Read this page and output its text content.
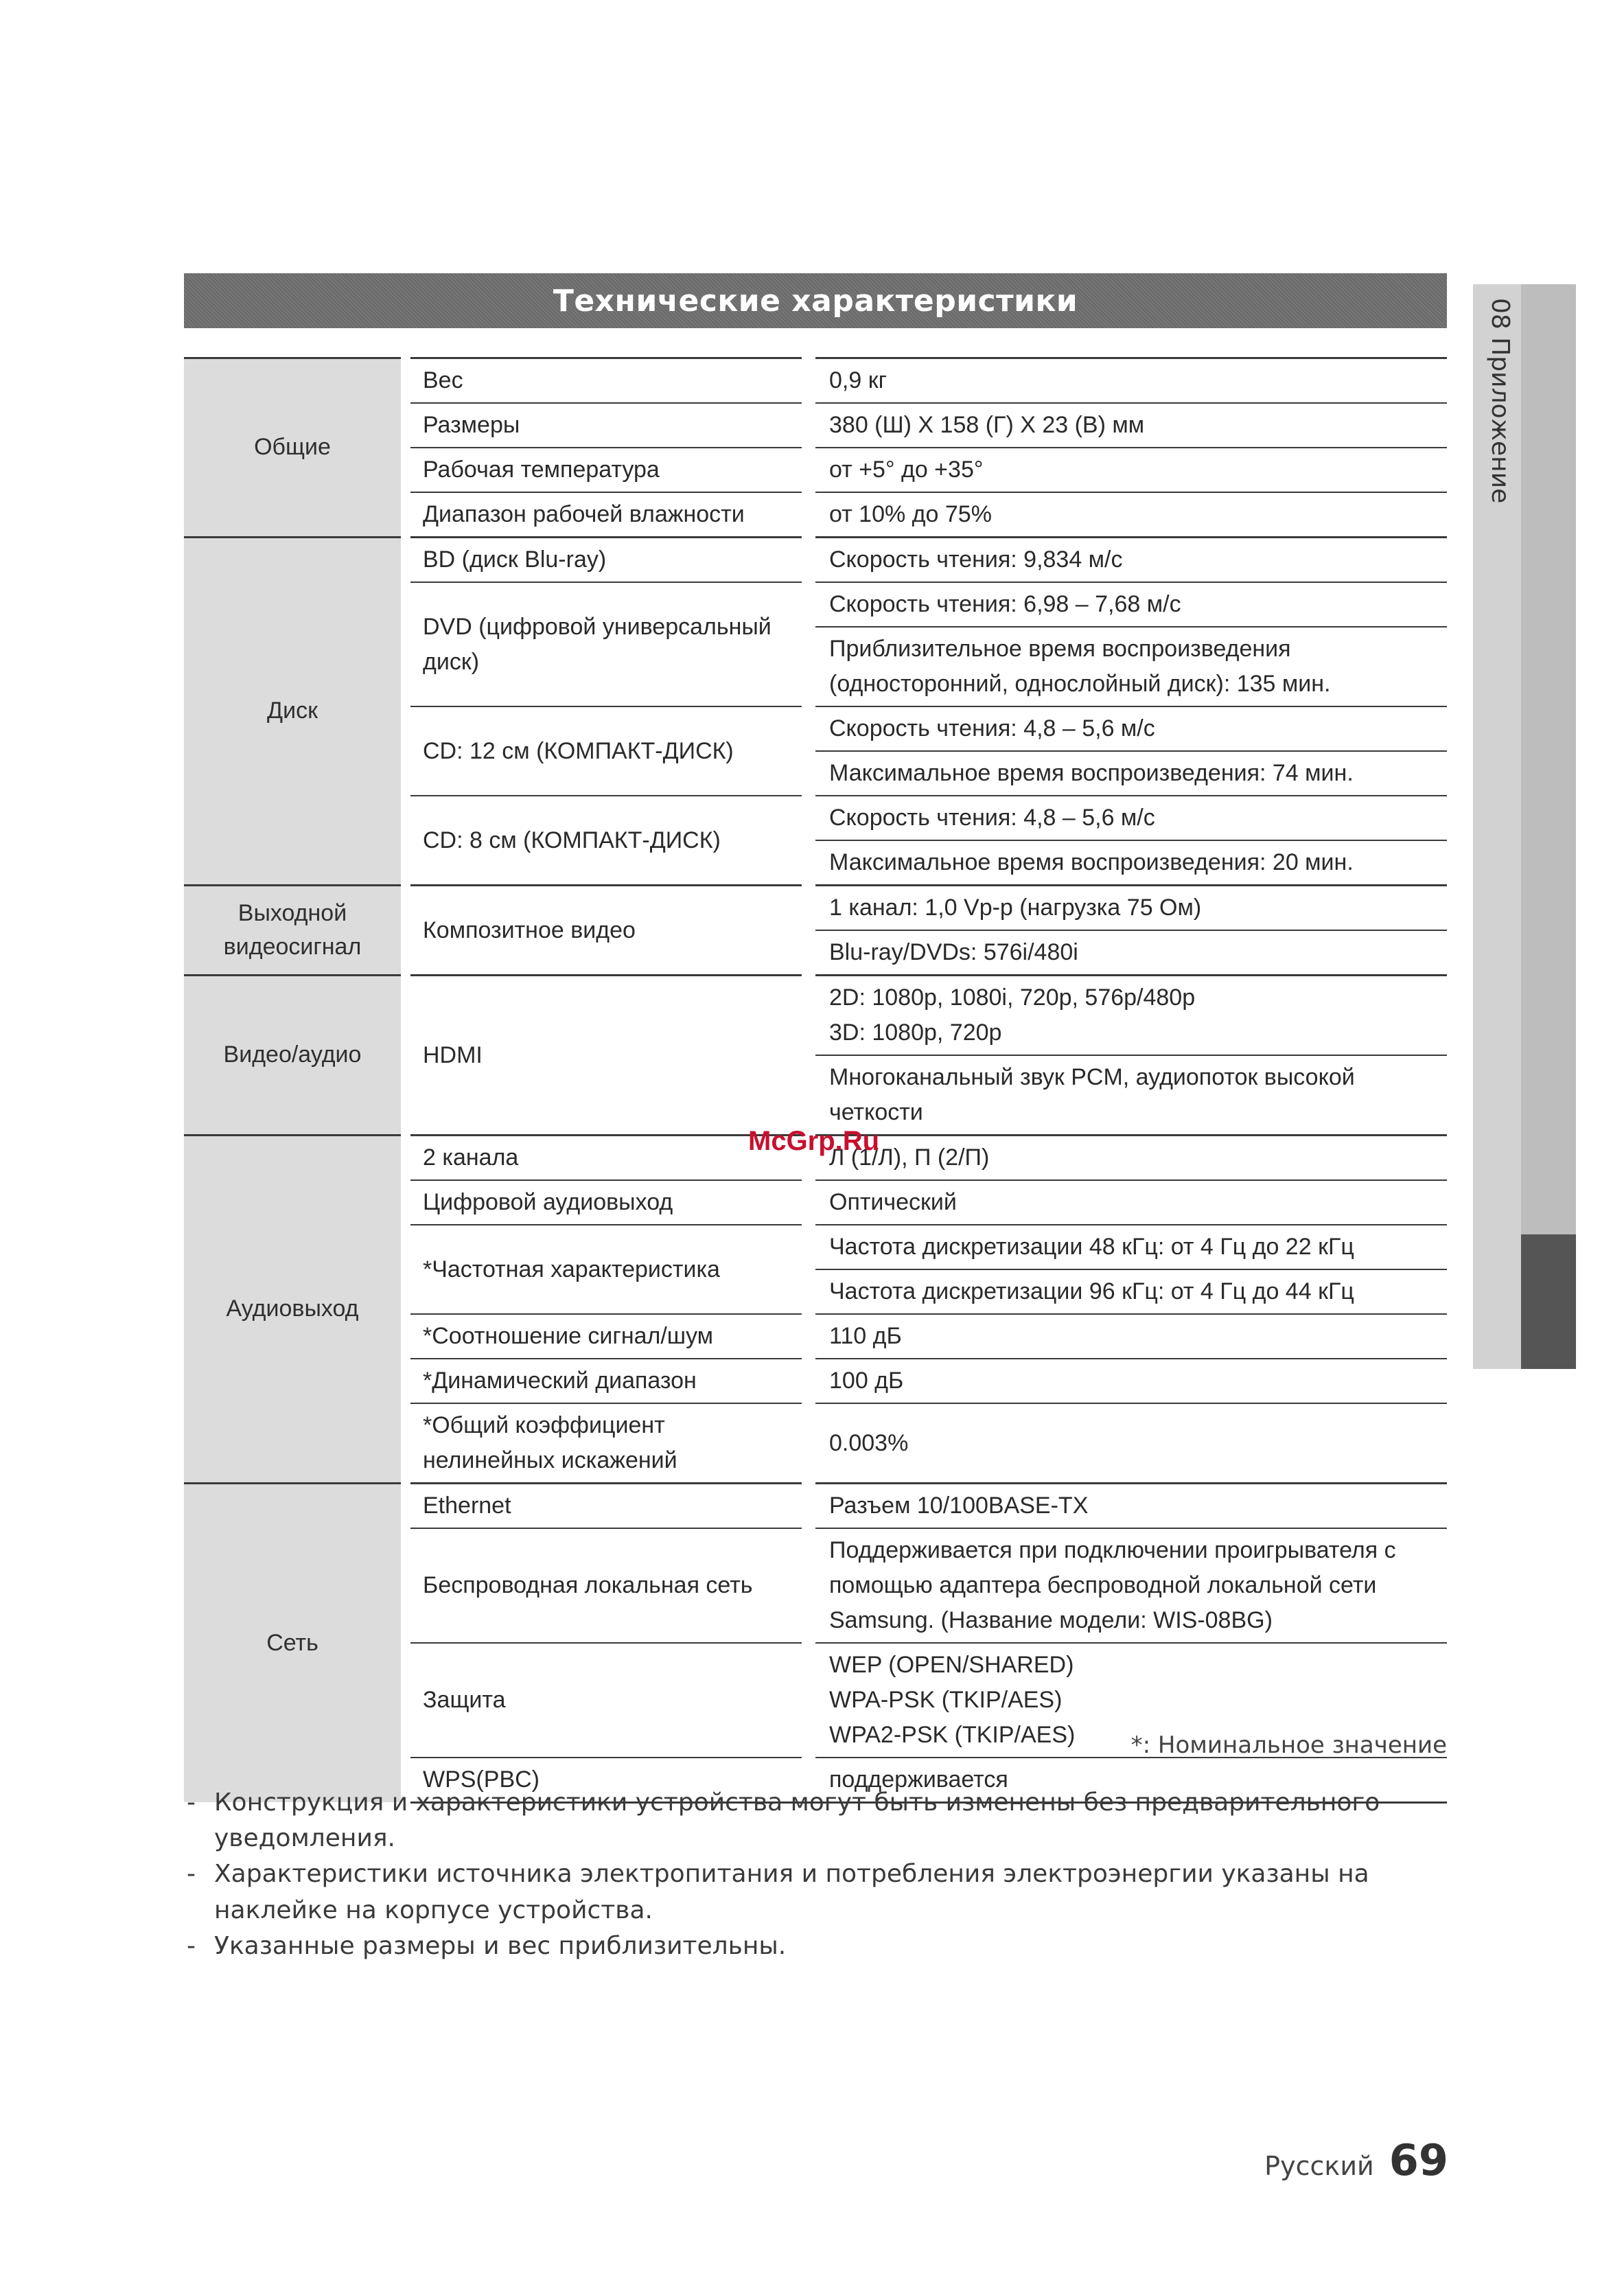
Технические характеристики	08 Приложение
Общие		Вес		0,9 кг
		Размеры		380 (Ш) X 158 (Г) X 23 (В) мм
		Рабочая температура		от +5° до +35°
		Диапазон рабочей влажности		от 10% до 75%
Диск		BD (диск Blu-ray)		Скорость чтения: 9,834 м/с
		DVD (цифровой универсальный диск)		Скорость чтения: 6,98 – 7,68 м/с
				Приблизительное время воспроизведения (односторонний, однослойный диск): 135 мин.
		CD: 12 см (КОМПАКТ-ДИСК)		Скорость чтения: 4,8 – 5,6 м/с
				Максимальное время воспроизведения: 74 мин.
		CD: 8 см (КОМПАКТ-ДИСК)		Скорость чтения: 4,8 – 5,6 м/с
				Максимальное время воспроизведения: 20 мин.
Выходной видеосигнал		Композитное видео		1 канал: 1,0 Vp-p (нагрузка 75 Ом)
				Blu-ray/DVDs: 576i/480i
Видео/аудио		HDMI		2D: 1080p, 1080i, 720p, 576p/480p
3D: 1080p, 720p
				Многоканальный звук PCM, аудиопоток высокой четкости
Аудиовыход		2 канала		Л (1/Л), П (2/П)
		Цифровой аудиовыход		Оптический
		*Частотная характеристика		Частота дискретизации 48 кГц: от 4 Гц до 22 кГц
				Частота дискретизации 96 кГц: от 4 Гц до 44 кГц
		*Соотношение сигнал/шум		110 дБ
		*Динамический диапазон		100 дБ
		*Общий коэффициент нелинейных искажений		0.003%
Сеть		Ethernet		Разъем 10/100BASE-TX
		Беспроводная локальная сеть		Поддерживается при подключении проигрывателя с помощью адаптера беспроводной локальной сети Samsung. (Название модели: WIS-08BG)
		Защита		WEP (OPEN/SHARED)
WPA-PSK (TKIP/AES)
WPA2-PSK (TKIP/AES)
		WPS(PBC)		поддерживается
McGrp.Ru
*: Номинальное значение
- Конструкция и характеристики устройства могут быть изменены без предварительного уведомления.
- Характеристики источника электропитания и потребления электроэнергии указаны на наклейке на корпусе устройства.
- Указанные размеры и вес приблизительны.
Русский 69
